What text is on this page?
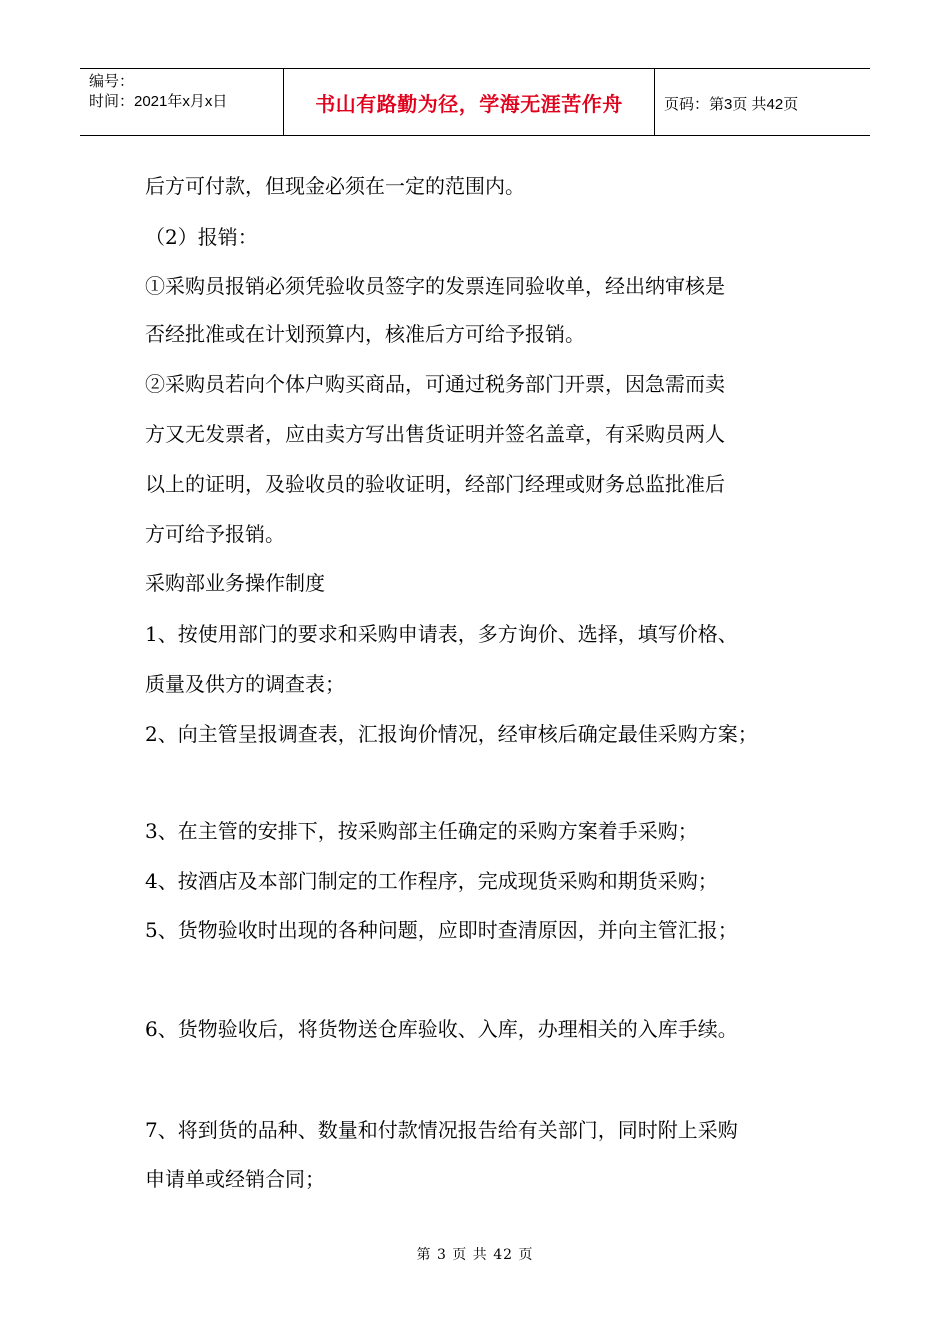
编号：
时间：2021年x月x日	书山有路勤为径，学海无涯苦作舟	页码：第3页 共42页
后方可付款，但现金必须在一定的范围内。
（2）报销：
①采购员报销必须凭验收员签字的发票连同验收单，经出纳审核是
否经批准或在计划预算内，核准后方可给予报销。
②采购员若向个体户购买商品，可通过税务部门开票，因急需而卖
方又无发票者，应由卖方写出售货证明并签名盖章，有采购员两人
以上的证明，及验收员的验收证明，经部门经理或财务总监批准后
方可给予报销。
采购部业务操作制度
1、按使用部门的要求和采购申请表，多方询价、选择，填写价格、
质量及供方的调查表；
2、向主管呈报调查表，汇报询价情况，经审核后确定最佳采购方案；
3、在主管的安排下，按采购部主任确定的采购方案着手采购；
4、按酒店及本部门制定的工作程序，完成现货采购和期货采购；
5、货物验收时出现的各种问题，应即时查清原因，并向主管汇报；
6、货物验收后，将货物送仓库验收、入库，办理相关的入库手续。
7、将到货的品种、数量和付款情况报告给有关部门，同时附上采购
申请单或经销合同；
第 3 页 共 42 页
